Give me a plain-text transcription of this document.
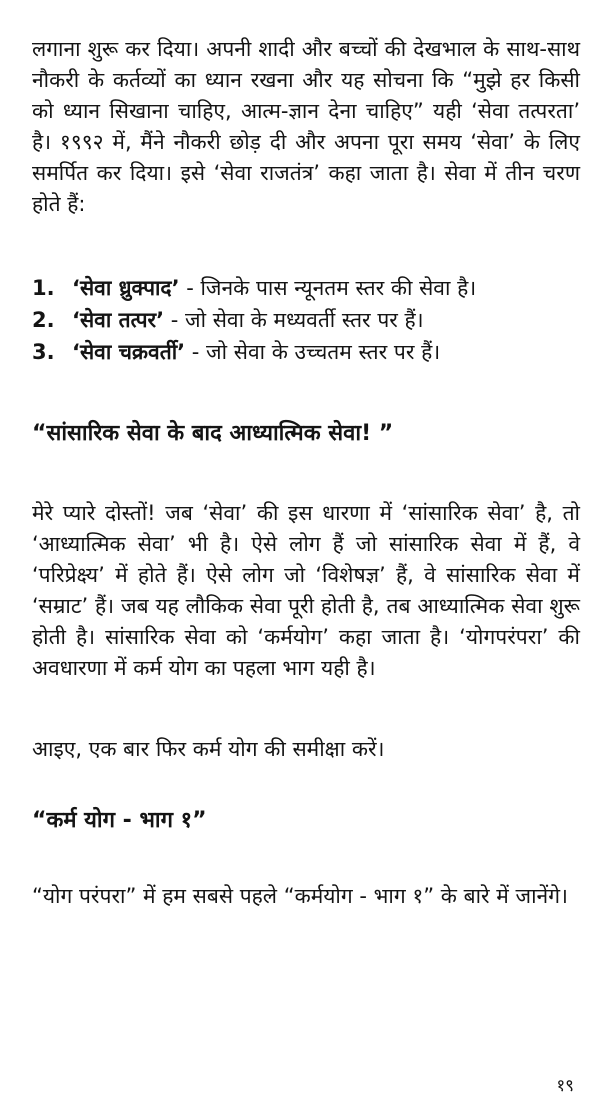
लगाना शुरू कर दिया। अपनी शादी और बच्चों की देखभाल के साथ-साथ नौकरी के कर्तव्यों का ध्यान रखना और यह सोचना कि “मुझे हर किसी को ध्यान सिखाना चाहिए, आत्म-ज्ञान देना चाहिए” यही ‘सेवा तत्परता’ है। १९९२ में, मैंने नौकरी छोड़ दी और अपना पूरा समय ‘सेवा’ के लिए समर्पित कर दिया। इसे ‘सेवा राजतंत्र’ कहा जाता है। सेवा में तीन चरण होते हैं:

1. ‘सेवा ध्रुक्पाद’ - जिनके पास न्यूनतम स्तर की सेवा है।
2. ‘सेवा तत्पर’ - जो सेवा के मध्यवर्ती स्तर पर हैं।
3. ‘सेवा चक्रवर्ती’ - जो सेवा के उच्चतम स्तर पर हैं।
“सांसारिक सेवा के बाद आध्यात्मिक सेवा! ”

मेरे प्यारे दोस्तों! जब ‘सेवा’ की इस धारणा में ‘सांसारिक सेवा’ है, तो ‘आध्यात्मिक सेवा’ भी है। ऐसे लोग हैं जो सांसारिक सेवा में हैं, वे ‘परिप्रेक्ष्य’ में होते हैं। ऐसे लोग जो ‘विशेषज्ञ’ हैं, वे सांसारिक सेवा में ‘सम्राट’ हैं। जब यह लौकिक सेवा पूरी होती है, तब आध्यात्मिक सेवा शुरू होती है। सांसारिक सेवा को ‘कर्मयोग’ कहा जाता है। ‘योगपरंपरा’ की अवधारणा में कर्म योग का पहला भाग यही है।

आइए, एक बार फिर कर्म योग की समीक्षा करें।

“कर्म योग - भाग १”

“योग परंपरा” में हम सबसे पहले “कर्मयोग - भाग १” के बारे में जानेंगे।

१९
